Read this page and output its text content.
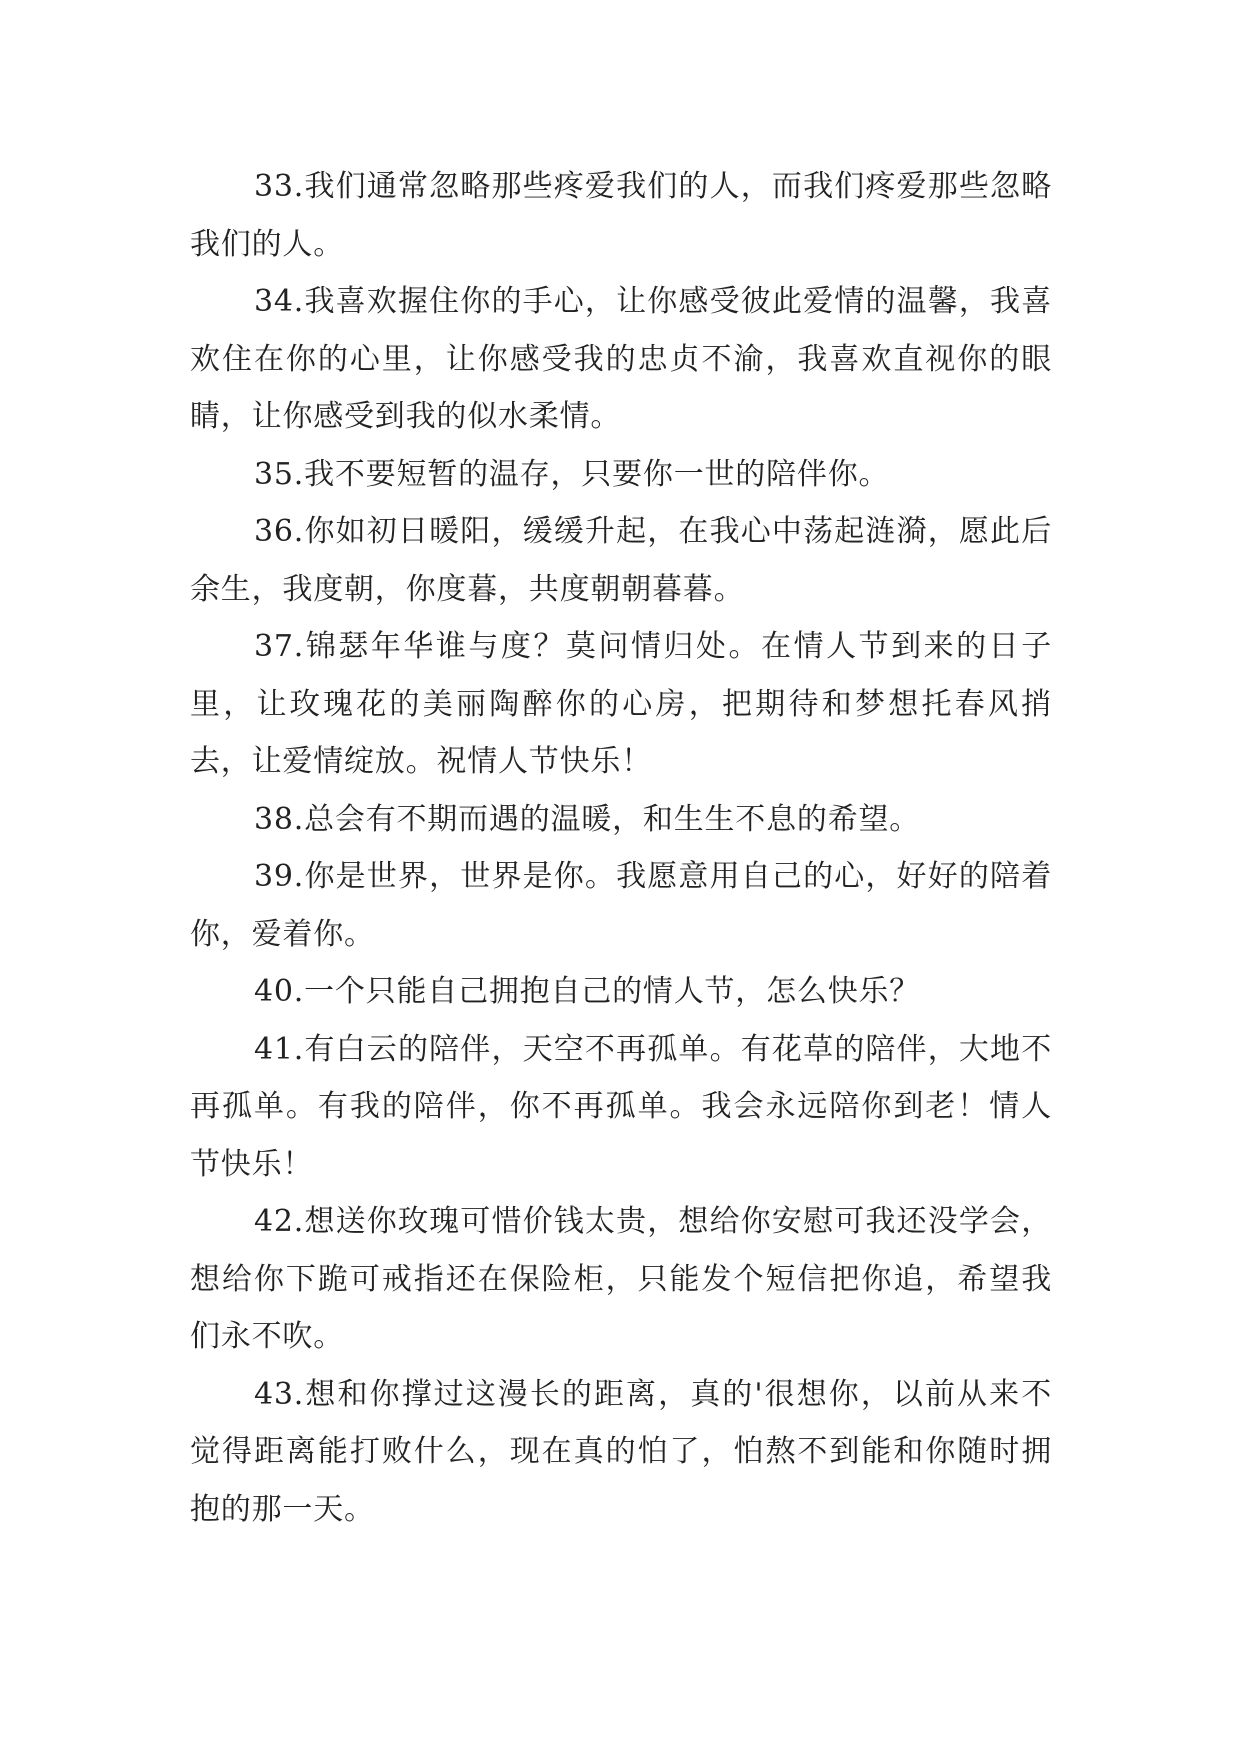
33.我们通常忽略那些疼爱我们的人，而我们疼爱那些忽略我们的人。

34.我喜欢握住你的手心，让你感受彼此爱情的温馨，我喜欢住在你的心里，让你感受我的忠贞不渝，我喜欢直视你的眼睛，让你感受到我的似水柔情。

35.我不要短暂的温存，只要你一世的陪伴你。

36.你如初日暖阳，缓缓升起，在我心中荡起涟漪，愿此后余生，我度朝，你度暮，共度朝朝暮暮。

37.锦瑟年华谁与度？莫问情归处。在情人节到来的日子里，让玫瑰花的美丽陶醉你的心房，把期待和梦想托春风捎去，让爱情绽放。祝情人节快乐！

38.总会有不期而遇的温暖，和生生不息的希望。

39.你是世界，世界是你。我愿意用自己的心，好好的陪着你，爱着你。

40.一个只能自己拥抱自己的情人节，怎么快乐？

41.有白云的陪伴，天空不再孤单。有花草的陪伴，大地不再孤单。有我的陪伴，你不再孤单。我会永远陪你到老！情人节快乐！

42.想送你玫瑰可惜价钱太贵，想给你安慰可我还没学会，想给你下跪可戒指还在保险柜，只能发个短信把你追，希望我们永不吹。

43.想和你撑过这漫长的距离，真的'很想你，以前从来不觉得距离能打败什么，现在真的怕了，怕熬不到能和你随时拥抱的那一天。
